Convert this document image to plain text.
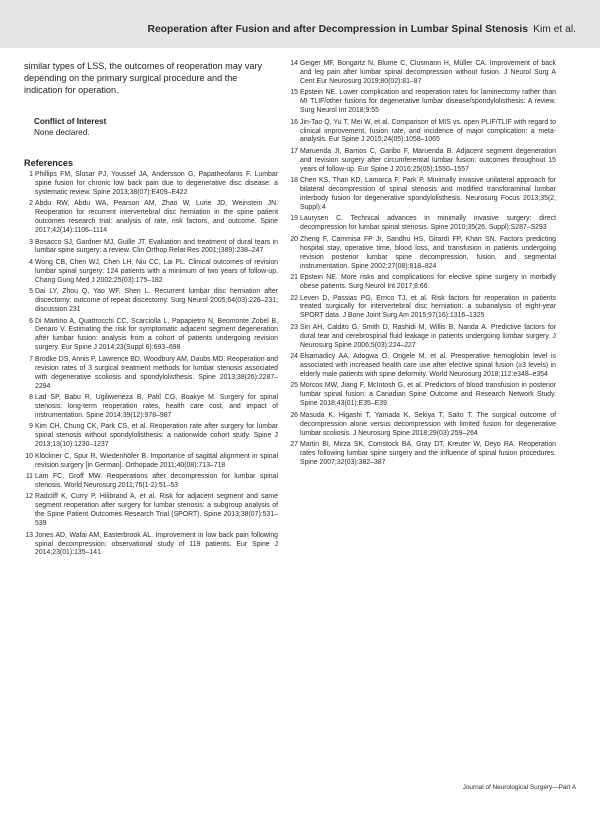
Reoperation after Fusion and after Decompression in Lumbar Spinal Stenosis Kim et al.

similar types of LSS, the outcomes of reoperation may vary depending on the primary surgical procedure and the indication for operation.

Conflict of Interest
None declared.
References
1 Phillips FM, Slosar PJ, Youssef JA, Andersson G, Papatheofanis F. Lumbar spine fusion for chronic low back pain due to degenerative disc disease: a systematic review. Spine 2013;38(07):E409–E422
2 Abdu RW, Abdu WA, Pearson AM, Zhao W, Lurie JD, Weinstein JN. Reoperation for recurrent intervertebral disc herniation in the spine patient outcomes research trial: analysis of rate, risk factors, and outcome. Spine 2017;42(14):1106–1114
3 Bosacco SJ, Gardner MJ, Guille JT. Evaluation and treatment of dural tears in lumbar spine surgery: a review. Clin Orthop Relat Res 2001;(389):238–247
4 Wong CB, Chen WJ, Chen LH, Niu CC, Lai PL. Clinical outcomes of revision lumbar spinal surgery: 124 patients with a minimum of two years of follow-up. Chang Gung Med J 2002;25(03):175–182
5 Dai LY, Zhou Q, Yao WF, Shen L. Recurrent lumbar disc herniation after discectomy: outcome of repeat discectomy. Surg Neurol 2005;64(03):226–231; discussion 231
6 Di Martino A, Quattrocchi CC, Scarciolla L, Papapietro N, Beomonte Zobel B, Denaro V. Estimating the risk for symptomatic adjacent segment degeneration after lumbar fusion: analysis from a cohort of patients undergoing revision surgery. Eur Spine J 2014;23(Suppl 6):693–698
7 Brodke DS, Annis P, Lawrence BD, Woodbury AM, Daubs MD. Reoperation and revision rates of 3 surgical treatment methods for lumbar stenosis associated with degenerative scoliosis and spondylolisthesis. Spine 2013;38(26):2287–2294
8 Lad SP, Babu R, Ugiliweneza B, Patil CG, Boakye M. Surgery for spinal stenosis: long-term reoperation rates, health care cost, and impact of instrumentation. Spine 2014;39(12):978–987
9 Kim CH, Chung CK, Park CS, et al. Reoperation rate after surgery for lumbar spinal stenosis without spondylolisthesis: a nationwide cohort study. Spine J 2013;13(10):1230–1237
10 Klöckner C, Spur R, Wiedenhöfer B. Importance of sagittal alignment in spinal revision surgery [in German]. Orthopade 2011;40(08):713–718
11 Lam FC, Groff MW. Reoperations after decompression for lumbar spinal stenosis. World Neurosurg 2011;76(1-2):51–53
12 Radcliff K, Curry P, Hilibrand A, et al. Risk for adjacent segment and same segment reoperation after surgery for lumbar stenosis: a subgroup analysis of the Spine Patient Outcomes Research Trial (SPORT). Spine 2013;38(07):531–539
13 Jones AD, Wafai AM, Easterbrook AL. Improvement in low back pain following spinal decompression: observational study of 119 patients. Eur Spine J 2014;23(01):135–141
14 Geiger MF, Bongartz N, Blume C, Clusmann H, Müller CA. Improvement of back and leg pain after lumbar spinal decompression without fusion. J Neurol Surg A Cent Eur Neurosurg 2019;80(02):81–87
15 Epstein NE. Lower complication and reoperation rates for laminectomy rather than MI TLIF/other fusions for degenerative lumbar disease/spondylolisthesis: A review. Surg Neurol Int 2018;9:55
16 Jin-Tao Q, Yu T, Mei W, et al. Comparison of MIS vs. open PLIF/TLIF with regard to clinical improvement, fusion rate, and incidence of major complication: a meta-analysis. Eur Spine J 2015;24(05):1058–1065
17 Maruenda JI, Barrios C, Garibo F, Maruenda B. Adjacent segment degeneration and revision surgery after circumferential lumbar fusion: outcomes throughout 15 years of follow-up. Eur Spine J 2016;25(05):1550–1557
18 Chen KS, Than KD, Lamarca F, Park P. Minimally invasive unilateral approach for bilateral decompression of spinal stenosis and modified transforaminal lumbar interbody fusion for degenerative spondylolisthesis. Neurosurg Focus 2013;35(2, Suppl):4
19 Laurysen C. Technical advances in minimally invasive surgery: direct decompression for lumbar spinal stenosis. Spine 2010;35(26, Suppl):S287–S293
20 Zheng F, Cammisa FP Jr, Sandhu HS, Girardi FP, Khan SN. Factors predicting hospital stay, operative time, blood loss, and transfusion in patients undergoing revision posterior lumbar spine decompression, fusion, and segmental instrumentation. Spine 2002;27(08):818–824
21 Epstein NE. More risks and complications for elective spine surgery in morbidly obese patients. Surg Neurol Int 2017;8:66
22 Leven D, Passias PG, Errico TJ, et al. Risk factors for reoperation in patients treated surgically for intervertebral disc herniation: a subanalysis of eight-year SPORT data. J Bone Joint Surg Am 2015;97(16):1316–1325
23 Sin AH, Caldito G, Smith D, Rashidi M, Willis B, Nanda A. Predictive factors for dural tear and cerebrospinal fluid leakage in patients undergoing lumbar surgery. J Neurosurg Spine 2006;5(03):224–227
24 Elsamadicy AA, Adogwa O, Ongele M, et al. Preoperative hemoglobin level is associated with increased health care use after elective spinal fusion (≥3 levels) in elderly male patients with spine deformity. World Neurosurg 2018;112:e348–e354
25 Morcos MW, Jiang F, McIntosh G, et al. Predictors of blood transfusion in posterior lumbar spinal fusion: a Canadian Spine Outcome and Research Network Study. Spine 2018;43(01):E35–E39
26 Masuda K, Higashi T, Yamada K, Sekiya T, Saito T. The surgical outcome of decompression alone versus decompression with limited fusion for degenerative lumbar scoliosis. J Neurosurg Spine 2018;29(03):259–264
27 Martin BI, Mirza SK, Comstock BA, Gray DT, Kreuter W, Deyo RA. Reoperation rates following lumbar spine surgery and the influence of spinal fusion procedures. Spine 2007;32(03):382–387
Journal of Neurological Surgery—Part A
